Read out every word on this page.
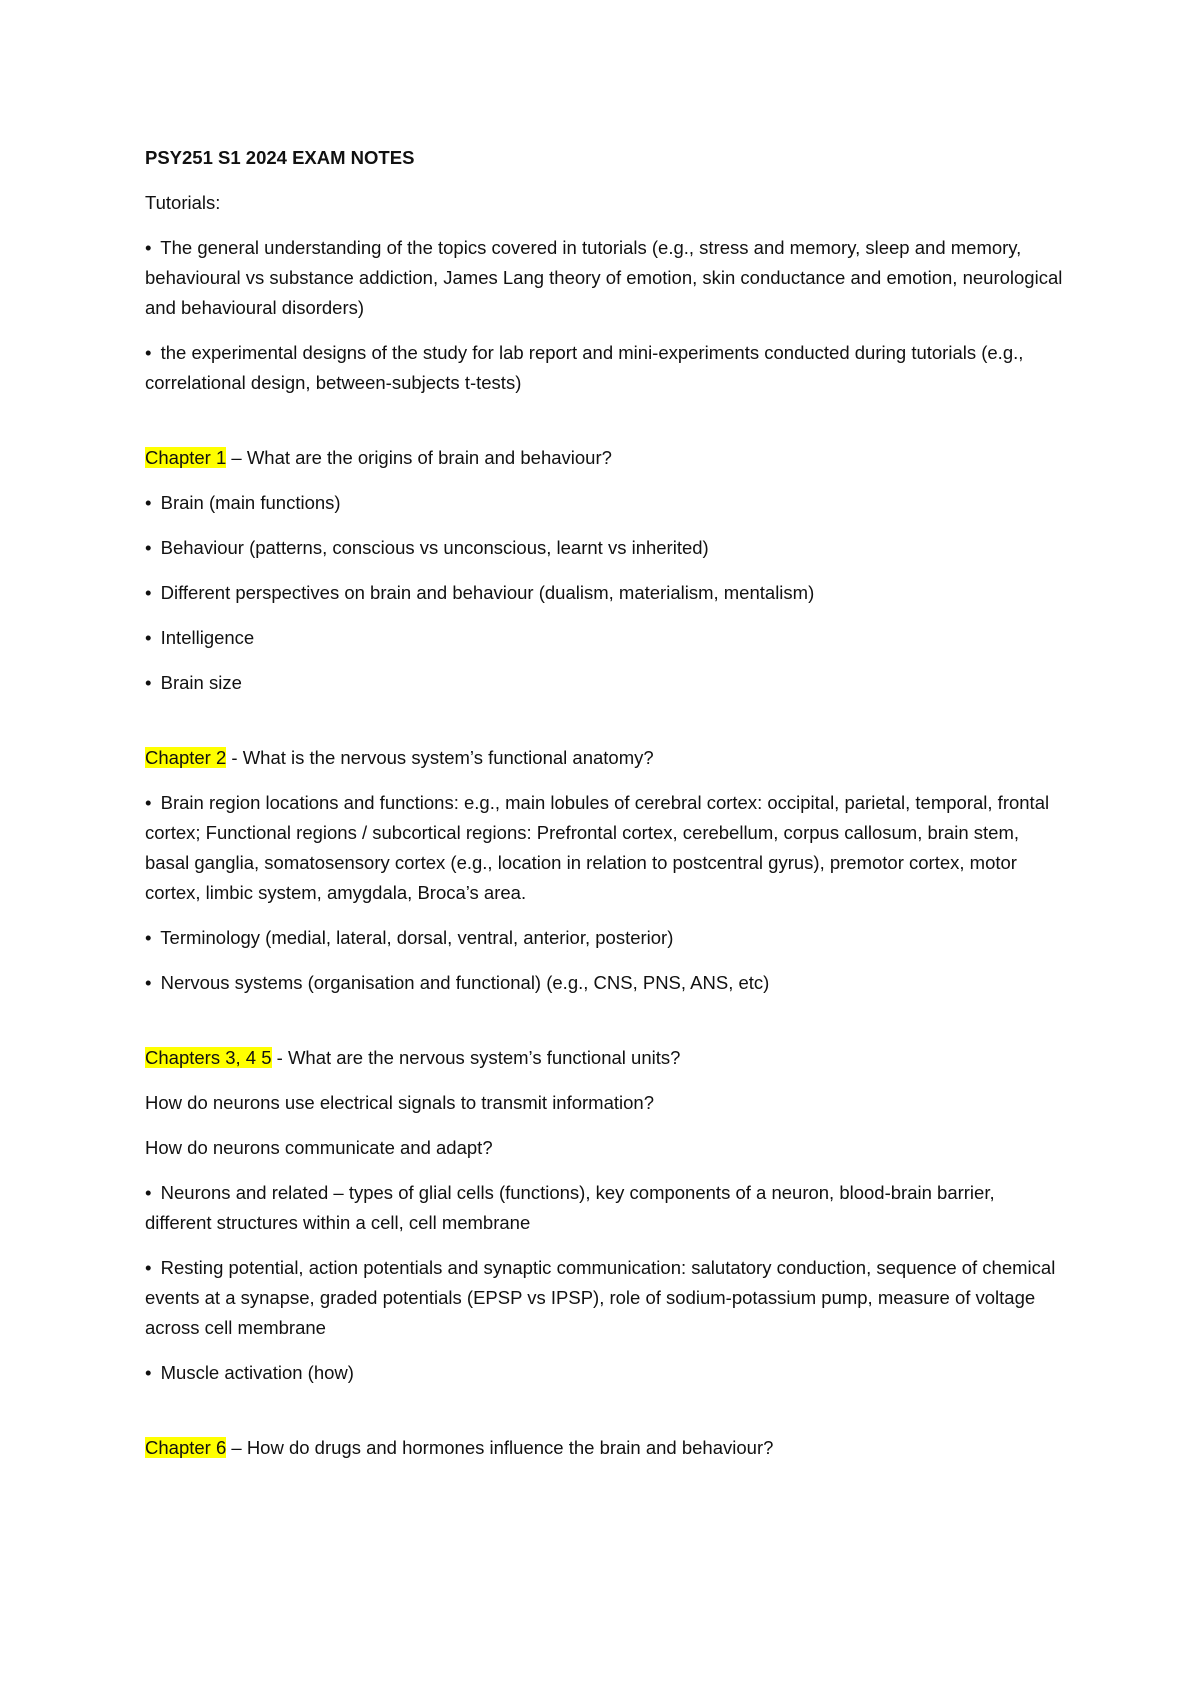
PSY251 S1 2024 EXAM NOTES

Tutorials:

• The general understanding of the topics covered in tutorials (e.g., stress and memory, sleep and memory, behavioural vs substance addiction, James Lang theory of emotion, skin conductance and emotion, neurological and behavioural disorders)

• the experimental designs of the study for lab report and mini-experiments conducted during tutorials (e.g., correlational design, between-subjects t-tests)

Chapter 1 – What are the origins of brain and behaviour?

• Brain (main functions)

• Behaviour (patterns, conscious vs unconscious, learnt vs inherited)

• Different perspectives on brain and behaviour (dualism, materialism, mentalism)

• Intelligence

• Brain size

Chapter 2 - What is the nervous system’s functional anatomy?

• Brain region locations and functions: e.g., main lobules of cerebral cortex: occipital, parietal, temporal, frontal cortex; Functional regions / subcortical regions: Prefrontal cortex, cerebellum, corpus callosum, brain stem, basal ganglia, somatosensory cortex (e.g., location in relation to postcentral gyrus), premotor cortex, motor cortex, limbic system, amygdala, Broca’s area.

• Terminology (medial, lateral, dorsal, ventral, anterior, posterior)

• Nervous systems (organisation and functional) (e.g., CNS, PNS, ANS, etc)

Chapters 3, 4 5 - What are the nervous system’s functional units?

How do neurons use electrical signals to transmit information?

How do neurons communicate and adapt?

• Neurons and related – types of glial cells (functions), key components of a neuron, blood-brain barrier, different structures within a cell, cell membrane

• Resting potential, action potentials and synaptic communication: salutatory conduction, sequence of chemical events at a synapse, graded potentials (EPSP vs IPSP), role of sodium-potassium pump, measure of voltage across cell membrane

• Muscle activation (how)

Chapter 6 – How do drugs and hormones influence the brain and behaviour?
